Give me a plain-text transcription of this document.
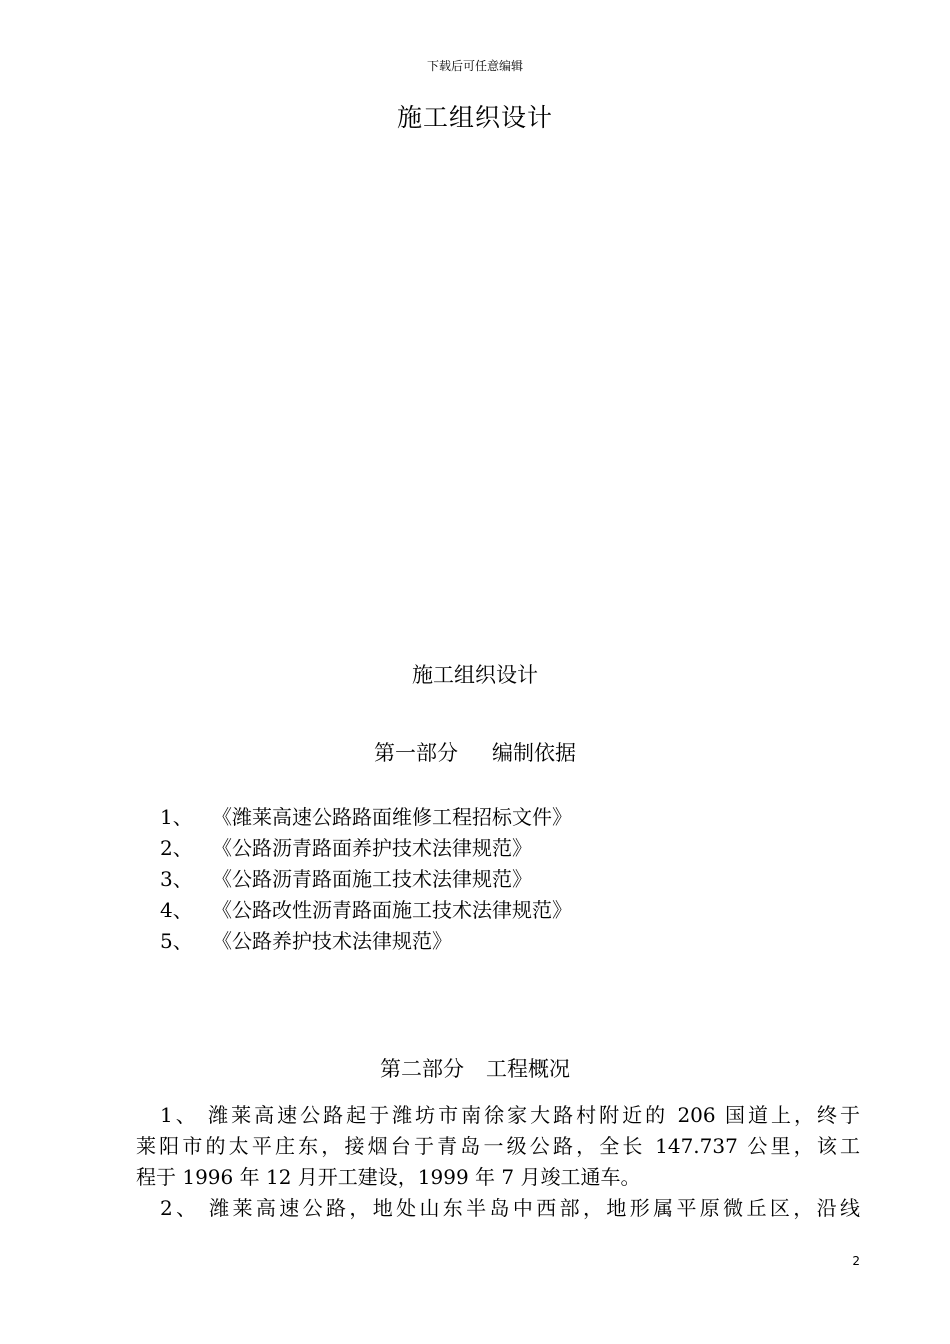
下载后可任意编辑
施工组织设计
施工组织设计
第一部分 编制依据
1、 《潍莱高速公路路面维修工程招标文件》
2、 《公路沥青路面养护技术法律规范》
3、 《公路沥青路面施工技术法律规范》
4、 《公路改性沥青路面施工技术法律规范》
5、 《公路养护技术法律规范》
第二部分 工程概况
1、 潍莱高速公路起于潍坊市南徐家大路村附近的 206 国道上，终于
莱阳市的太平庄东，接烟台于青岛一级公路，全长 147.737 公里，该工
程于 1996 年 12 月开工建设，1999 年 7 月竣工通车。
2、 潍莱高速公路，地处山东半岛中西部，地形属平原微丘区，沿线
2
